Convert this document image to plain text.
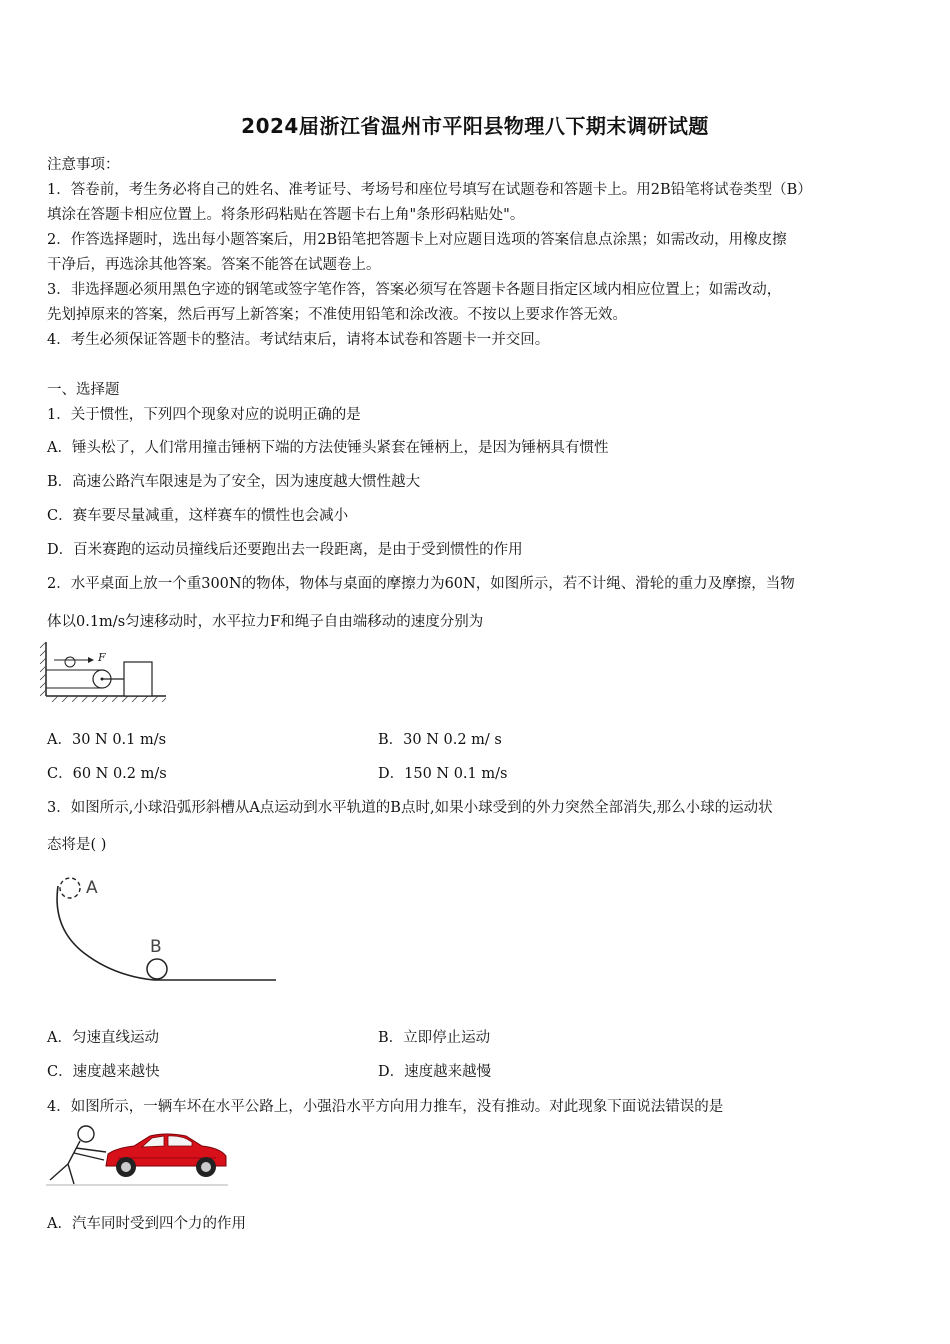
2024届浙江省温州市平阳县物理八下期末调研试题
注意事项：
1．答卷前，考生务必将自己的姓名、准考证号、考场号和座位号填写在试题卷和答题卡上。用2B铅笔将试卷类型（B）
填涂在答题卡相应位置上。将条形码粘贴在答题卡右上角"条形码粘贴处"。
2．作答选择题时，选出每小题答案后，用2B铅笔把答题卡上对应题目选项的答案信息点涂黑；如需改动，用橡皮擦
干净后，再选涂其他答案。答案不能答在试题卷上。
3．非选择题必须用黑色字迹的钢笔或签字笔作答，答案必须写在答题卡各题目指定区域内相应位置上；如需改动，
先划掉原来的答案，然后再写上新答案；不准使用铅笔和涂改液。不按以上要求作答无效。
4．考生必须保证答题卡的整洁。考试结束后，请将本试卷和答题卡一并交回。
一、选择题
1．关于惯性，下列四个现象对应的说明正确的是
A．锤头松了，人们常用撞击锤柄下端的方法使锤头紧套在锤柄上，是因为锤柄具有惯性
B．高速公路汽车限速是为了安全，因为速度越大惯性越大
C．赛车要尽量减重，这样赛车的惯性也会减小
D．百米赛跑的运动员撞线后还要跑出去一段距离，是由于受到惯性的作用
2．水平桌面上放一个重300N的物体，物体与桌面的摩擦力为60N，如图所示，若不计绳、滑轮的重力及摩擦，当物
体以0.1m/s匀速移动时，水平拉力F和绳子自由端移动的速度分别为
F
A．30 N 0.1 m/s	B．30 N 0.2 m/ s
C．60 N 0.2 m/s	D．150 N 0.1 m/s
3．如图所示,小球沿弧形斜槽从A点运动到水平轨道的B点时,如果小球受到的外力突然全部消失,那么小球的运动状
态将是( )
A
B
A．匀速直线运动	B．立即停止运动
C．速度越来越快	D．速度越来越慢
4．如图所示，一辆车坏在水平公路上，小强沿水平方向用力推车，没有推动。对此现象下面说法错误的是
A．汽车同时受到四个力的作用
